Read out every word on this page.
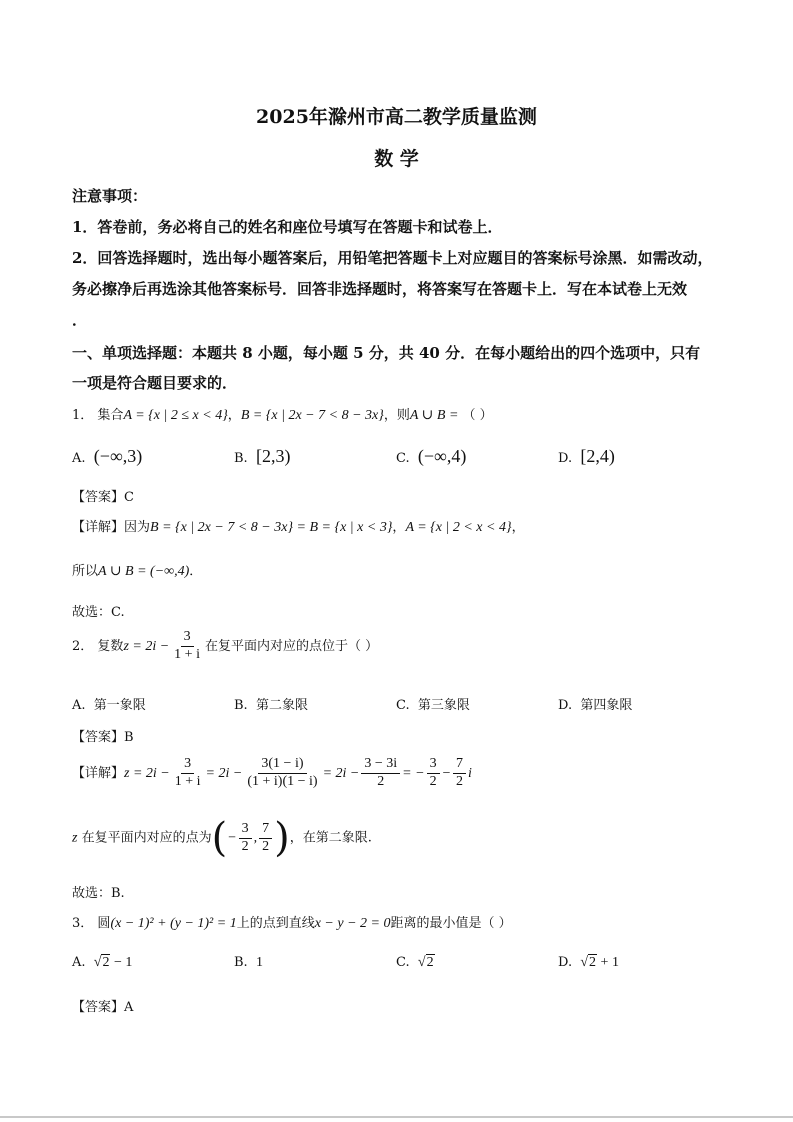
2025年滁州市高二教学质量监测
数 学
注意事项：
1．答卷前，务必将自己的姓名和座位号填写在答题卡和试卷上．
2．回答选择题时，选出每小题答案后，用铅笔把答题卡上对应题目的答案标号涂黑．如需改动，
务必擦净后再选涂其他答案标号．回答非选择题时，将答案写在答题卡上．写在本试卷上无效
．
一、单项选择题：本题共 8 小题，每小题 5 分，共 40 分．在每小题给出的四个选项中，只有
一项是符合题目要求的．
1． 集合A = {x | 2 ≤ x < 4}，B = {x | 2x − 7 < 8 − 3x}，则A ∪ B = （ ）
A. (−∞,3)	B. [2,3)	C. (−∞,4)	D. [2,4)
【答案】C
【详解】因为B = {x | 2x − 7 < 8 − 3x} = B = {x | x < 3}，A = {x | 2 < x < 4}，
所以A ∪ B = (−∞,4)．
故选：C.
2． 复数$z = 2i - \frac{3}{1 + i}$ 在复平面内对应的点位于（ ）
A. 第一象限	B. 第二象限	C. 第三象限	D. 第四象限
【答案】B
【详解】$z = 2i - \frac{3}{1 + i} = 2i - \frac{3(1 - i)}{(1 + i)(1 - i)} = 2i - \frac{3 - 3i}{2}$ = − $\frac{3}{2} - \frac{7}{2}$ i
z 在复平面内对应的点为(− $\frac{3}{2}$ , $\frac{7}{2}$ )，在第二象限.
故选：B.
3． 圆(x − 1)² + (y − 1)² = 1上的点到直线x − y − 2 = 0距离的最小值是（ ）
A. √2 − 1	B. 1	C. √2	D. √2 + 1
【答案】A
